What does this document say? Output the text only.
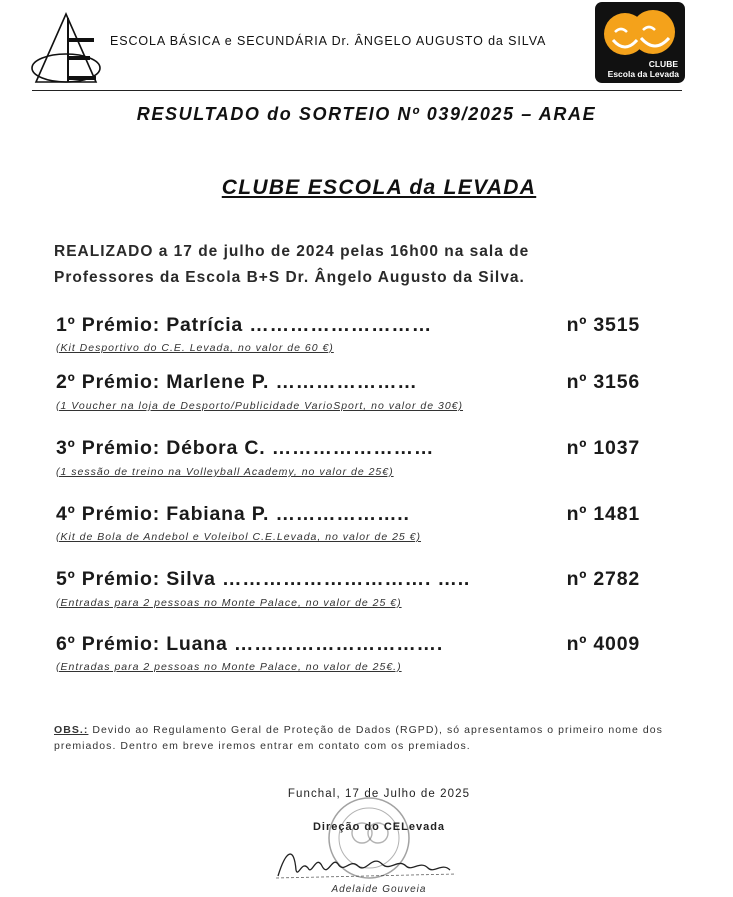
ESCOLA BÁSICA e SECUNDÁRIA Dr. ÂNGELO AUGUSTO da SILVA
CLUBE
Escola da Levada
RESULTADO do SORTEIO Nº 039/2025 – ARAE
CLUBE ESCOLA da LEVADA
REALIZADO a 17 de julho de 2024 pelas 16h00 na sala de
Professores da Escola B+S Dr. Ângelo Augusto da Silva.
1º Prémio: Patrícia ………………………	nº 3515
(Kit Desportivo do C.E. Levada, no valor de 60 €)
2º Prémio: Marlene P. …………………	nº 3156
(1 Voucher na loja de Desporto/Publicidade VarioSport, no valor de 30€)
3º Prémio: Débora C. ……………………	nº 1037
(1 sessão de treino na Volleyball Academy, no valor de 25€)
4º Prémio: Fabiana P. ………………..	nº 1481
(Kit de Bola de Andebol e Voleibol C.E.Levada, no valor de 25 €)
5º Prémio: Silva …………………………. …..	nº 2782
(Entradas para 2 pessoas no Monte Palace, no valor de 25 €)
6º Prémio: Luana ………………………….	nº 4009
(Entradas para 2 pessoas no Monte Palace, no valor de 25€.)
OBS.: Devido ao Regulamento Geral de Proteção de Dados (RGPD), só apresentamos o primeiro nome dos premiados. Dentro em breve iremos entrar em contato com os premiados.
Funchal, 17 de Julho de 2025
Direção do CELevada
Adelaide Gouveia
